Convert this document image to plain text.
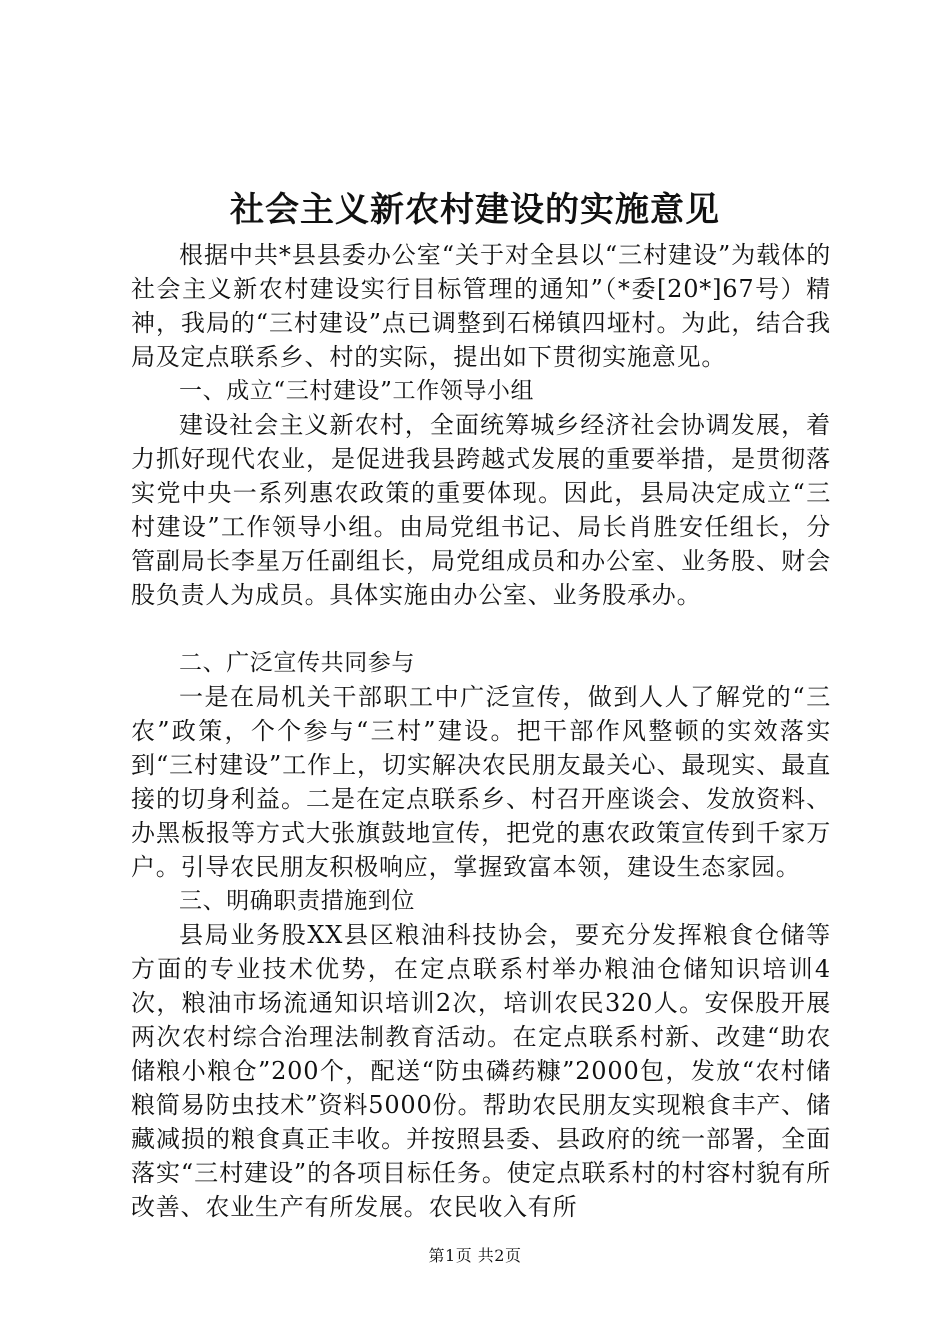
社会主义新农村建设的实施意见

根据中共*县县委办公室“关于对全县以“三村建设”为载体的社会主义新农村建设实行目标管理的通知”（*委[20*]67号）精神，我局的“三村建设”点已调整到石梯镇四垭村。为此，结合我局及定点联系乡、村的实际，提出如下贯彻实施意见。

一、成立“三村建设”工作领导小组

建设社会主义新农村，全面统筹城乡经济社会协调发展，着力抓好现代农业，是促进我县跨越式发展的重要举措，是贯彻落实党中央一系列惠农政策的重要体现。因此，县局决定成立“三村建设”工作领导小组。由局党组书记、局长肖胜安任组长，分管副局长李星万任副组长，局党组成员和办公室、业务股、财会股负责人为成员。具体实施由办公室、业务股承办。

二、广泛宣传共同参与

一是在局机关干部职工中广泛宣传，做到人人了解党的“三农”政策，个个参与“三村”建设。把干部作风整顿的实效落实到“三村建设”工作上，切实解决农民朋友最关心、最现实、最直接的切身利益。二是在定点联系乡、村召开座谈会、发放资料、办黑板报等方式大张旗鼓地宣传，把党的惠农政策宣传到千家万户。引导农民朋友积极响应，掌握致富本领，建设生态家园。

三、明确职责措施到位

县局业务股XX县区粮油科技协会，要充分发挥粮食仓储等方面的专业技术优势，在定点联系村举办粮油仓储知识培训4次，粮油市场流通知识培训2次，培训农民320人。安保股开展两次农村综合治理法制教育活动。在定点联系村新、改建“助农储粮小粮仓”200个，配送“防虫磷药糠”2000包，发放“农村储粮简易防虫技术”资料5000份。帮助农民朋友实现粮食丰产、储藏减损的粮食真正丰收。并按照县委、县政府的统一部署，全面落实“三村建设”的各项目标任务。使定点联系村的村容村貌有所改善、农业生产有所发展。农民收入有所

第1页 共2页
